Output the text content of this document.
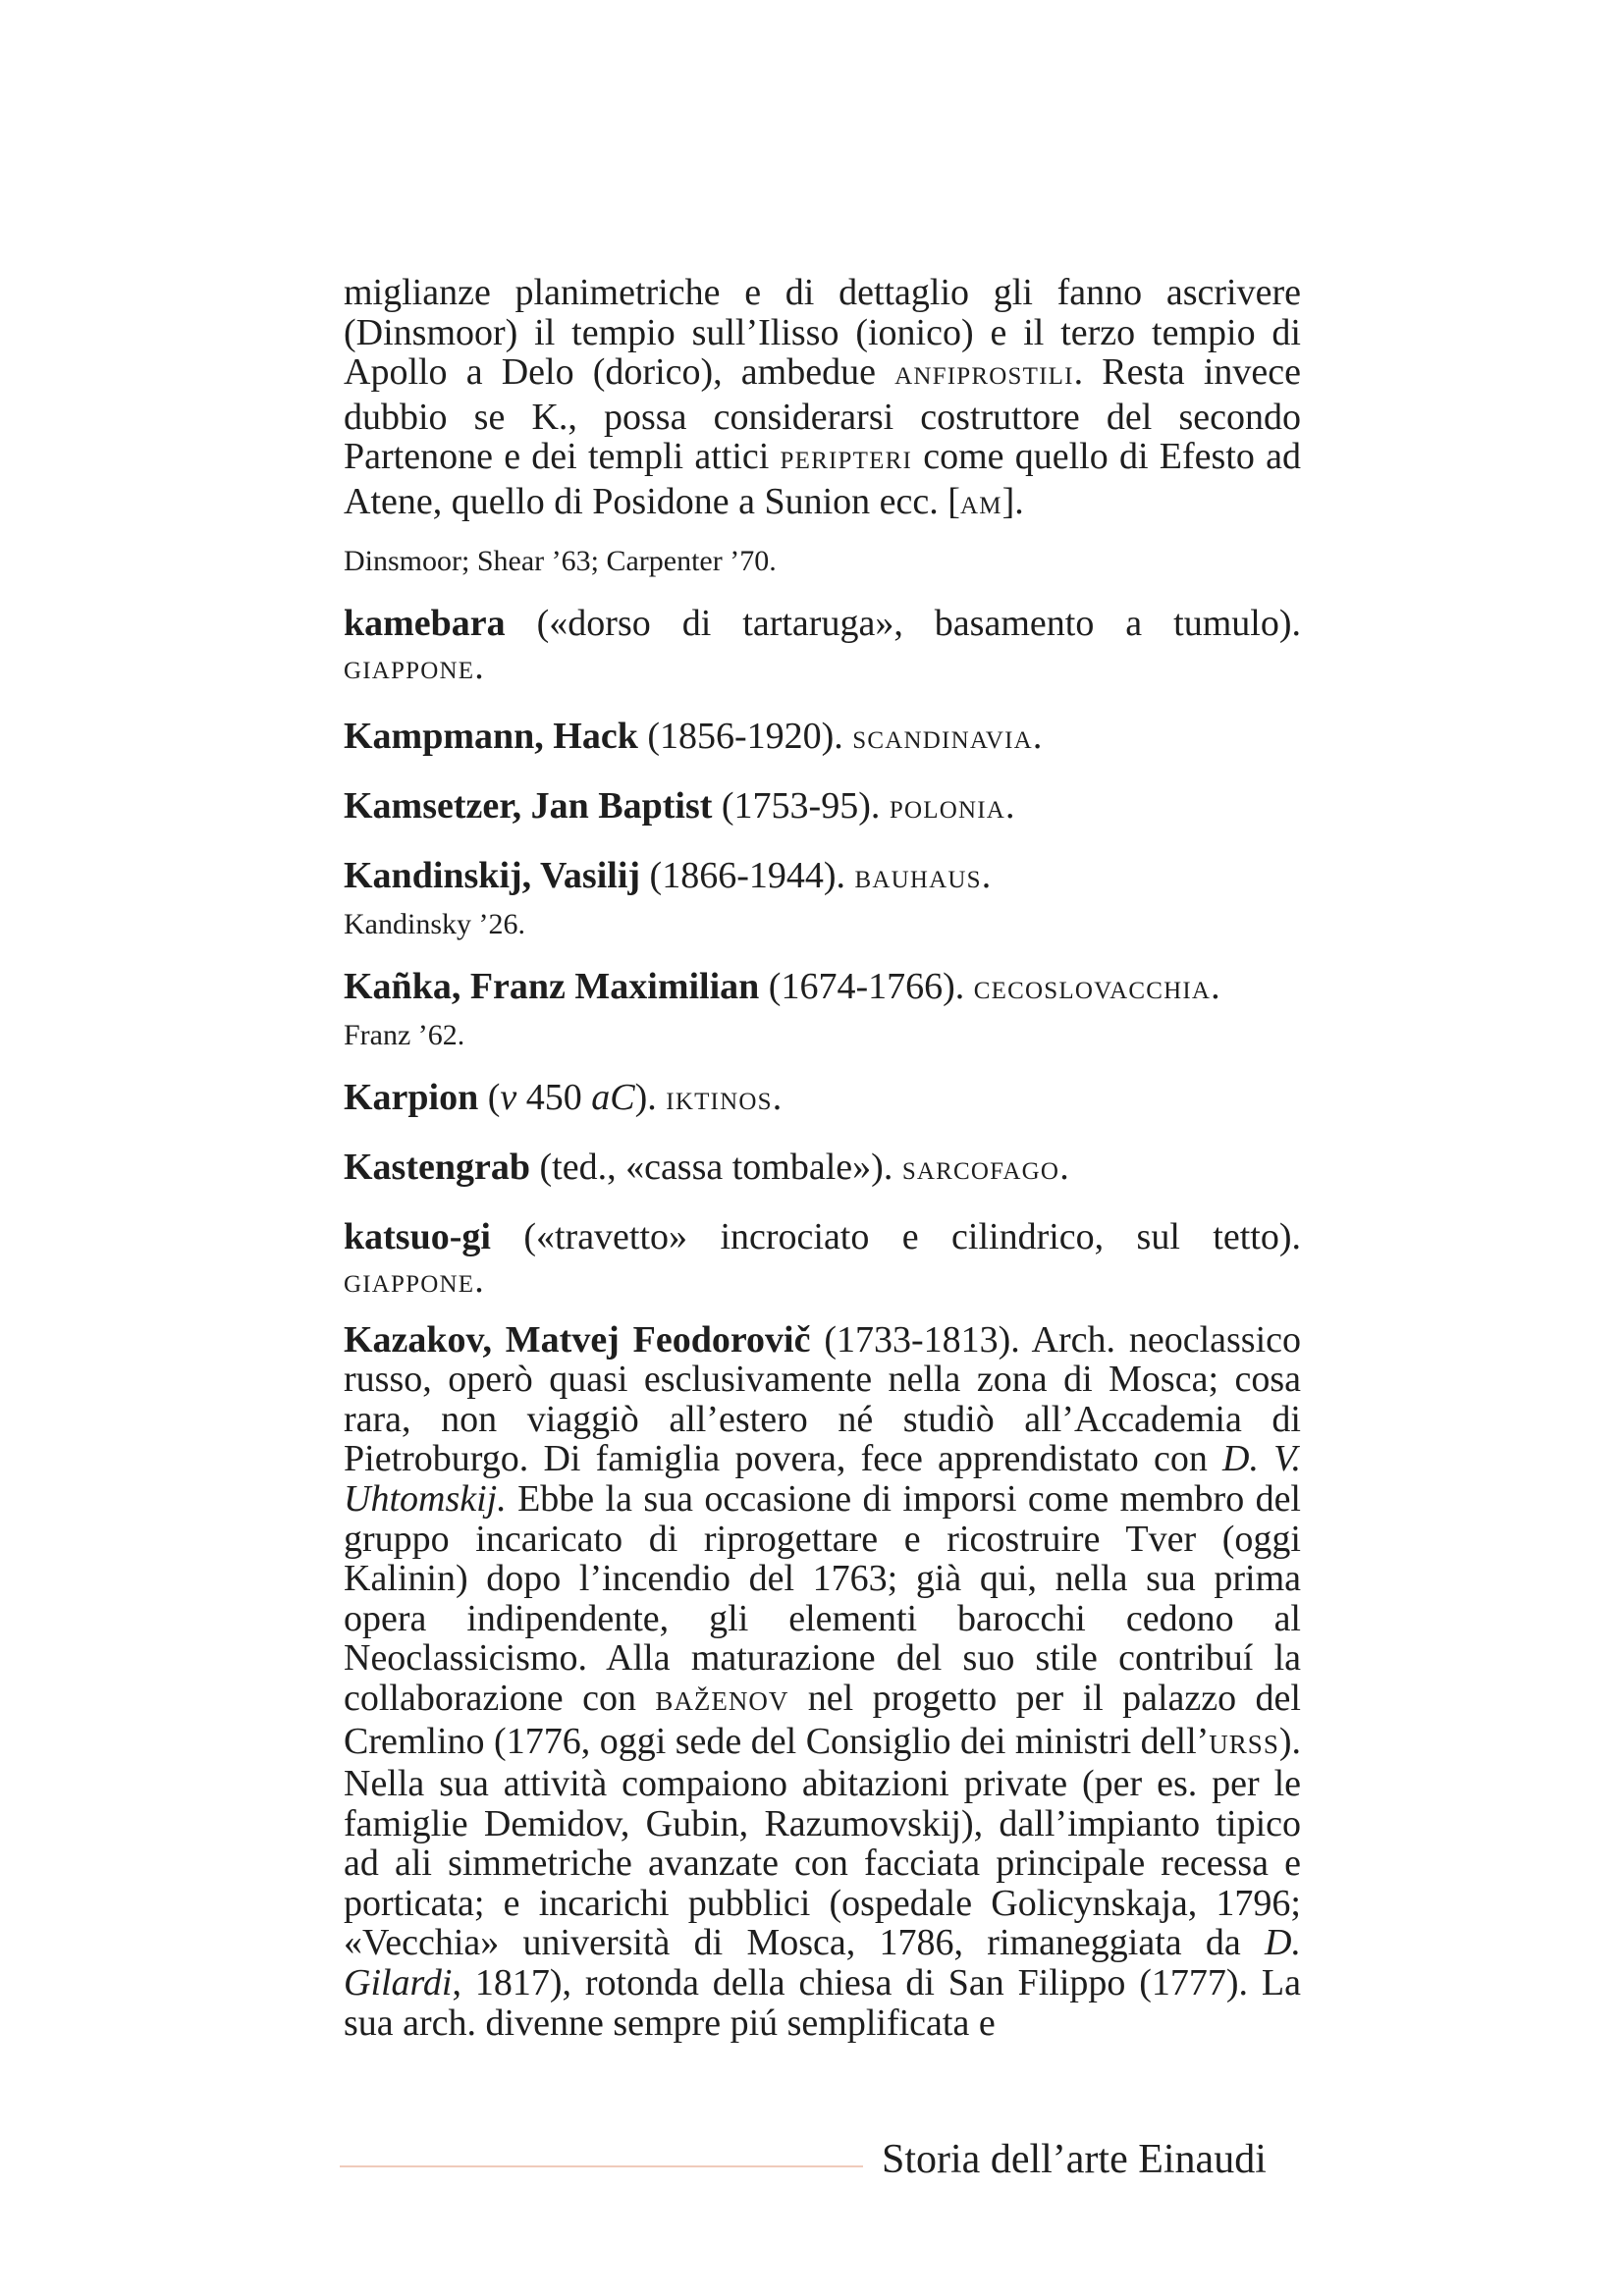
miglianze planimetriche e di dettaglio gli fanno ascrivere (Dinsmoor) il tempio sull’Ilisso (ionico) e il terzo tempio di Apollo a Delo (dorico), ambedue ANFIPROSTILI. Resta invece dubbio se K., possa considerarsi costruttore del secondo Partenone e dei templi attici PERIPTERI come quello di Efesto ad Atene, quello di Posidone a Sunion ecc. [AM].

Dinsmoor; Shear ’63; Carpenter ’70.

kamebara («dorso di tartaruga», basamento a tumulo). GIAPPONE.
Kampmann, Hack (1856-1920). SCANDINAVIA.
Kamsetzer, Jan Baptist (1753-95). POLONIA.
Kandinskij, Vasilij (1866-1944). BAUHAUS.

Kandinsky ’26.

Kañka, Franz Maximilian (1674-1766). CECOSLOVACCHIA.

Franz ’62.

Karpion (v 450 aC). IKTINOS.
Kastengrab (ted., «cassa tombale»). SARCOFAGO.
katsuo-gi («travetto» incrociato e cilindrico, sul tetto). GIAPPONE.
Kazakov, Matvej Feodorovič (1733-1813). Arch. neoclassico russo, operò quasi esclusivamente nella zona di Mosca; cosa rara, non viaggiò all’estero né studiò all’Accademia di Pietroburgo. Di famiglia povera, fece apprendistato con D. V. Uhtomskij. Ebbe la sua occasione di imporsi come membro del gruppo incaricato di riprogettare e ricostruire Tver (oggi Kalinin) dopo l’incendio del 1763; già qui, nella sua prima opera indipendente, gli elementi barocchi cedono al Neoclassicismo. Alla maturazione del suo stile contribuí la collaborazione con BAŽENOV nel progetto per il palazzo del Cremlino (1776, oggi sede del Consiglio dei ministri dell’URSS). Nella sua attività compaiono abitazioni private (per es. per le famiglie Demidov, Gubin, Razumovskij), dall’impianto tipico ad ali simmetriche avanzate con facciata principale recessa e porticata; e incarichi pubblici (ospedale Golicynskaja, 1796; «Vecchia» università di Mosca, 1786, rimaneggiata da D. Gilardi, 1817), rotonda della chiesa di San Filippo (1777). La sua arch. divenne sempre piú semplificata e
Storia dell’arte Einaudi
